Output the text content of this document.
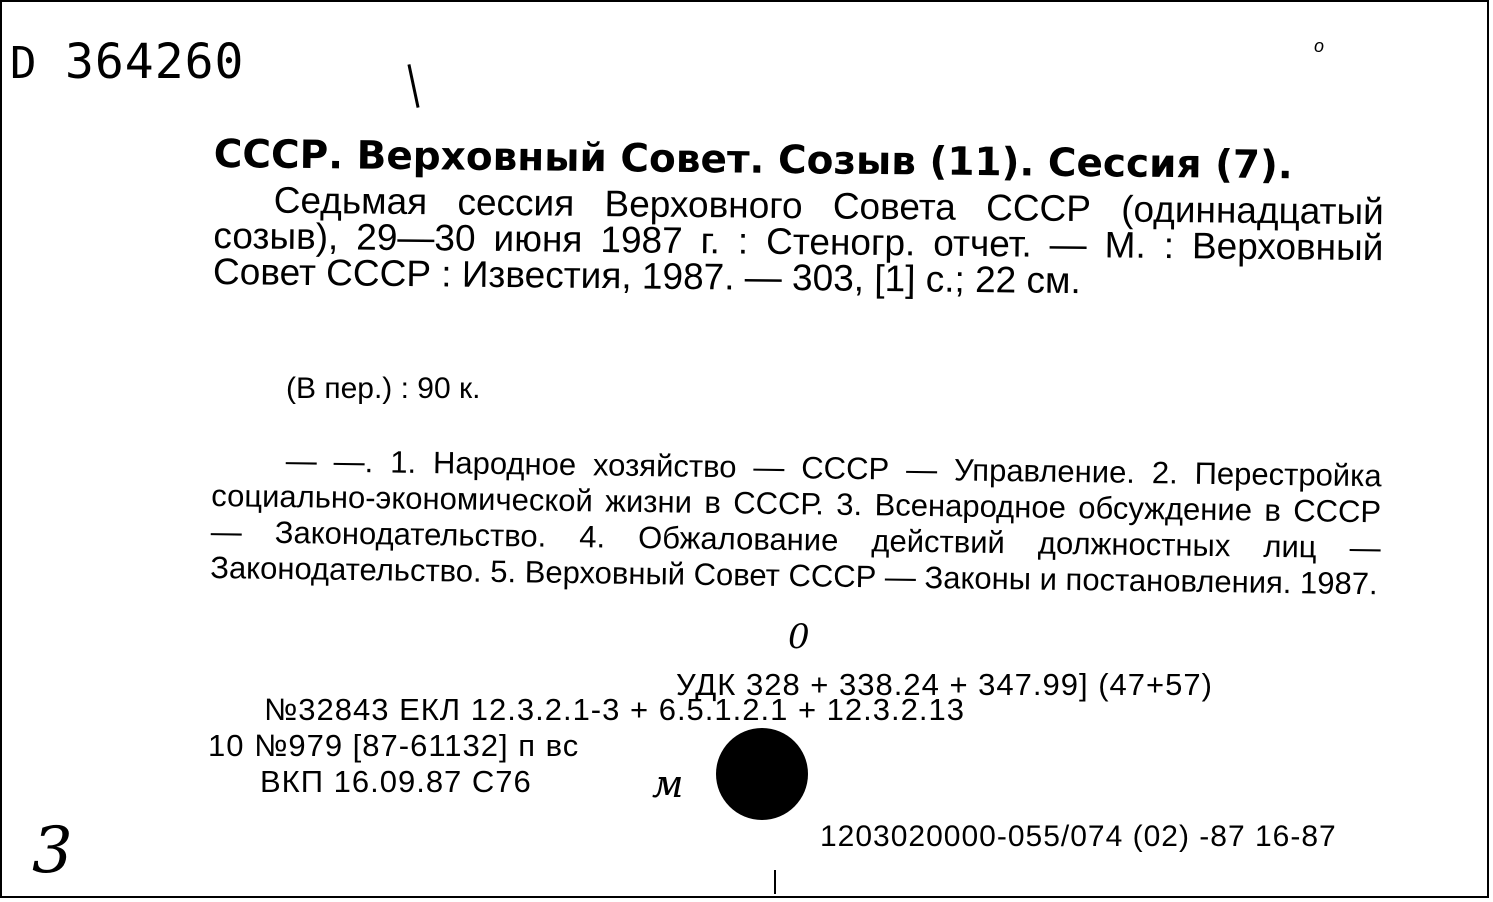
D 364260	o
СССР. Верховный Совет. Созыв (11). Сессия (7).
Седьмая сессия Верховного Совета СССР (одиннадцатый созыв), 29—30 июня 1987 г. : Стеногр. отчет. — М. : Верховный Совет СССР : Известия, 1987. — 303, [1] с.; 22 см.
(В пер.) : 90 к.
— —. 1. Народное хозяйство — СССР — Управление. 2. Перестройка социально-экономической жизни в СССР. 3. Всенародное обсуждение в СССР — Законодательство. 4. Обжалование действий должностных лиц — Законодательство. 5. Верховный Совет СССР — Законы и постановления. 1987.
0
УДК 328 + 338.24 + 347.99] (47+57)
№32843 ЕКЛ 12.3.2.1-3 + 6.5.1.2.1 + 12.3.2.13
10 №979 [87-61132] п вс
ВКП 16.09.87 С76	м
1203020000-055/074 (02) -87 16-87
3
